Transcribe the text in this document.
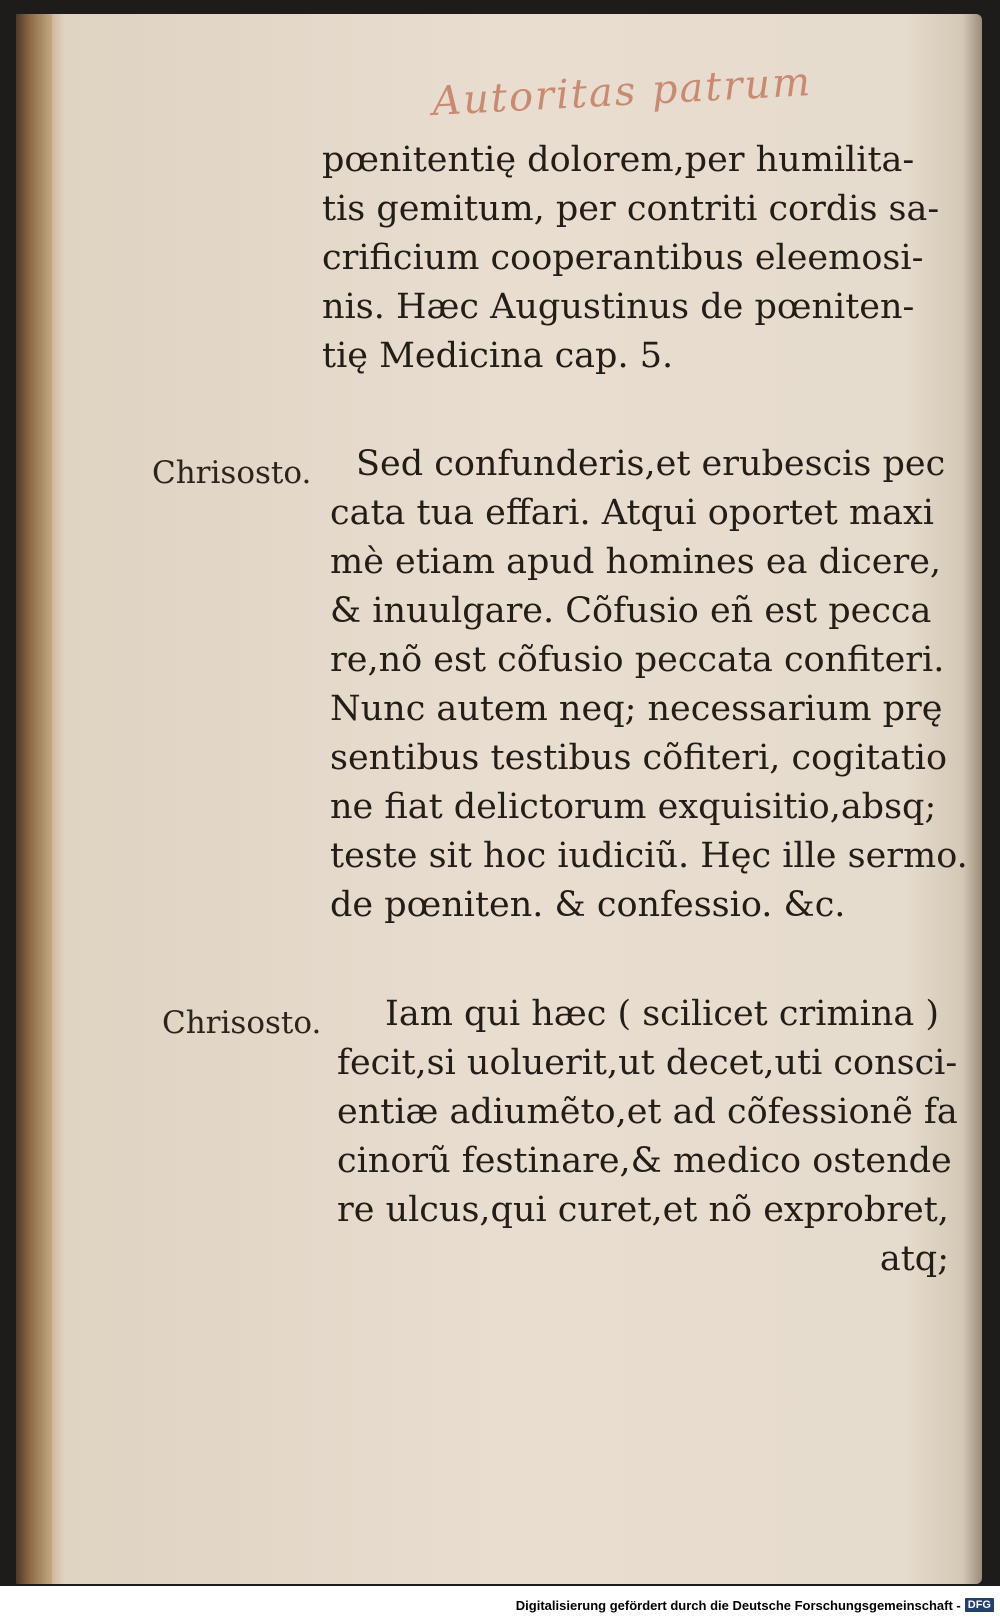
Autoritas patrum
pœnitentię dolorem,per humilita-
tis gemitum, per contriti cordis sa-
crificium cooperantibus eleemosi-
nis. Hæc Augustinus de pœniten-
tię Medicina cap. 5.
Chrisosto.	Sed confunderis,et erubescis pec
cata tua effari. Atqui oportet maxi
mè etiam apud homines ea dicere,
& inuulgare. Cõfusio eñ est pecca
re,nõ est cõfusio peccata confiteri.
Nunc autem neq; necessarium prę
sentibus testibus cõfiteri, cogitatio
ne fiat delictorum exquisitio,absq;
teste sit hoc iudiciũ. Hęc ille sermo.
de pœniten. & confessio. &c.
Chrisosto.	Iam qui hæc ( scilicet crimina )
fecit,si uoluerit,ut decet,uti consci-
entiæ adiumẽto,et ad cõfessionẽ fa
cinorũ festinare,& medico ostende
re ulcus,qui curet,et nõ exprobret,
atq;
Digitalisierung gefördert durch die Deutsche Forschungsgemeinschaft - DFG
